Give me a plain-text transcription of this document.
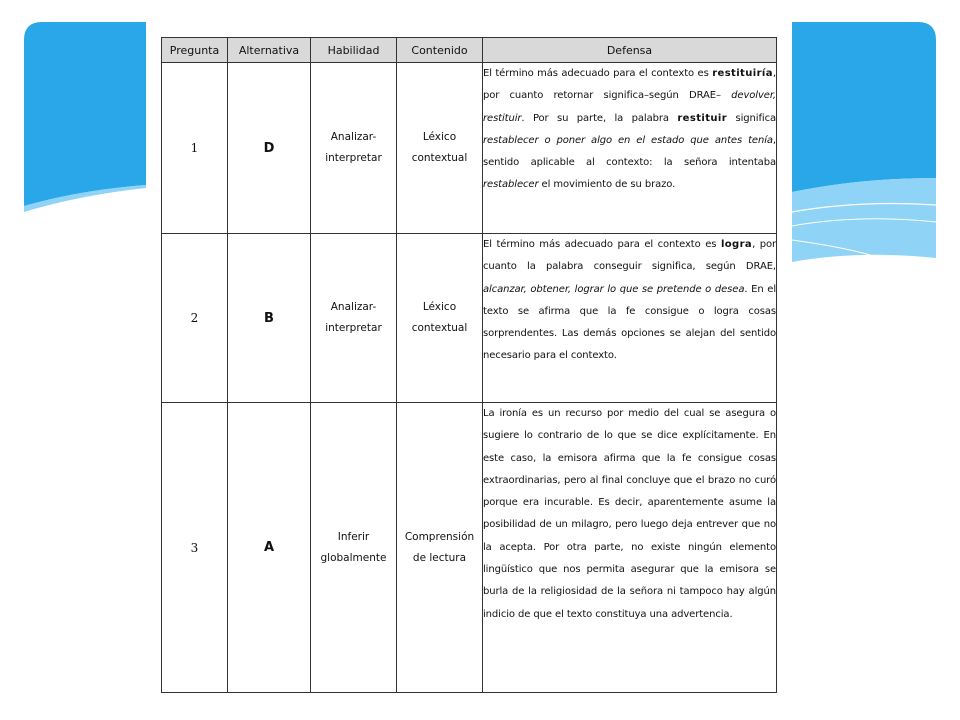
Pregunta	Alternativa	Habilidad	Contenido	Defensa
1	D	Analizar-interpretar	Léxico contextual	El término más adecuado para el contexto es restituiría, por cuanto retornar significa–según DRAE– devolver, restituir. Por su parte, la palabra restituir significa restablecer o poner algo en el estado que antes tenía, sentido aplicable al contexto: la señora intentaba restablecer el movimiento de su brazo.
2	B	Analizar-interpretar	Léxico contextual	El término más adecuado para el contexto es logra, por cuanto la palabra conseguir significa, según DRAE, alcanzar, obtener, lograr lo que se pretende o desea. En el texto se afirma que la fe consigue o logra cosas sorprendentes. Las demás opciones se alejan del sentido necesario para el contexto.
3	A	Inferir globalmente	Comprensión de lectura	La ironía es un recurso por medio del cual se asegura o sugiere lo contrario de lo que se dice explícitamente. En este caso, la emisora afirma que la fe consigue cosas extraordinarias, pero al final concluye que el brazo no curó porque era incurable. Es decir, aparentemente asume la posibilidad de un milagro, pero luego deja entrever que no la acepta. Por otra parte, no existe ningún elemento lingüístico que nos permita asegurar que la emisora se burla de la religiosidad de la señora ni tampoco hay algún indicio de que el texto constituya una advertencia.
